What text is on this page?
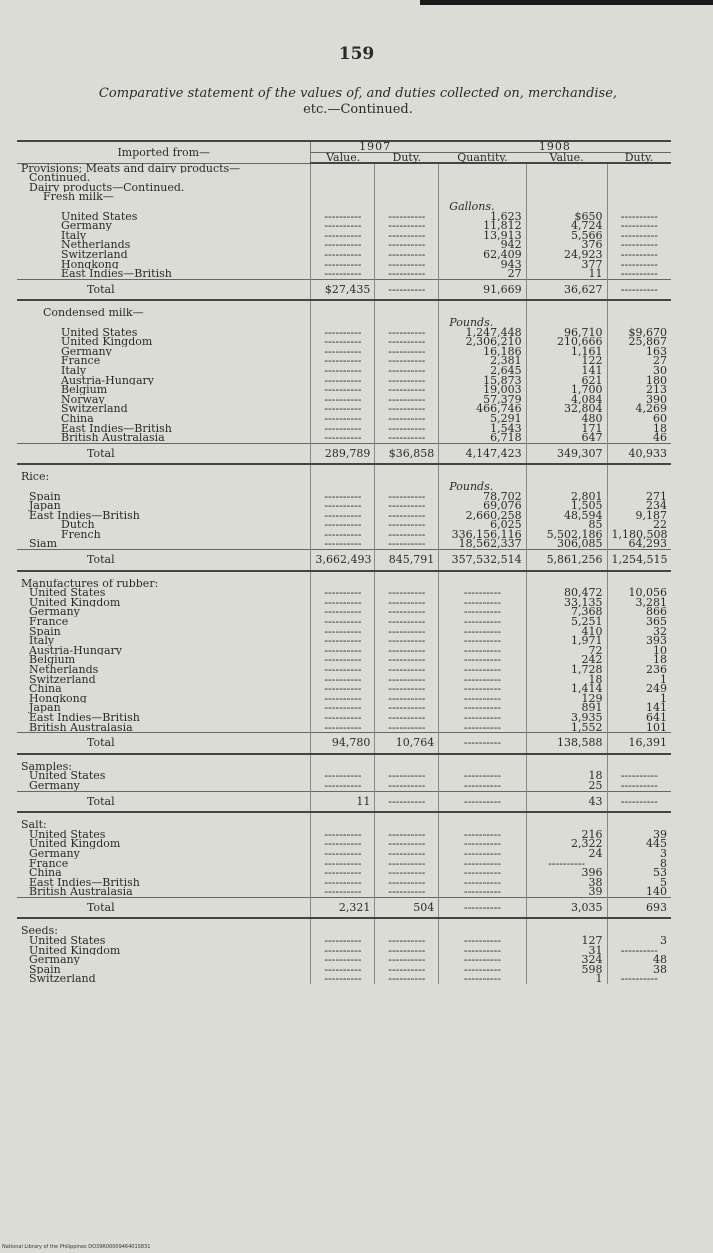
159
Comparative statement of the values of, and duties collected on, merchandise,
etc.—Continued.
Imported from—	1907		1908		
	Value.	Duty.	Quantity.	Value.	Duty.
Provisions; Meats and dairy products—					
Continued.					
Dairy products—Continued.					
Fresh milk—					
			Gallons.		
United States	----------	----------	1,623	$650	----------
Germany	----------	----------	11,812	4,724	----------
Italy	----------	----------	13,913	5,566	----------
Netherlands	----------	----------	942	376	----------
Switzerland	----------	----------	62,409	24,923	----------
Hongkong	----------	----------	943	377	----------
East Indies—British	----------	----------	27	11	----------
Total	$27,435	----------	91,669	36,627	----------

Condensed milk—					
			Pounds.		
United States	----------	----------	1,247,448	96,710	$9,670
United Kingdom	----------	----------	2,306,210	210,666	25,867
Germany	----------	----------	16,186	1,161	163
France	----------	----------	2,381	122	27
Italy	----------	----------	2,645	141	30
Austria-Hungary	----------	----------	15,873	621	180
Belgium	----------	----------	19,003	1,700	213
Norway	----------	----------	57,379	4,084	390
Switzerland	----------	----------	466,746	32,804	4,269
China	----------	----------	5,291	480	60
East Indies—British	----------	----------	1,543	171	18
British Australasia	----------	----------	6,718	647	46
Total	289,789	$36,858	4,147,423	349,307	40,933

Rice:					
			Pounds.		
Spain	----------	----------	78,702	2,801	271
Japan	----------	----------	69,076	1,505	234
East Indies—British	----------	----------	2,660,258	48,594	9,187
Dutch	----------	----------	6,025	85	22
French	----------	----------	336,156,116	5,502,186	1,180,508
Siam	----------	----------	18,562,337	306,085	64,293
Total	3,662,493	845,791	357,532,514	5,861,256	1,254,515

Manufactures of rubber:					
United States	----------	----------	----------	80,472	10,056
United Kingdom	----------	----------	----------	33,135	3,281
Germany	----------	----------	----------	7,368	866
France	----------	----------	----------	5,251	365
Spain	----------	----------	----------	410	32
Italy	----------	----------	----------	1,971	393
Austria-Hungary	----------	----------	----------	72	10
Belgium	----------	----------	----------	242	18
Netherlands	----------	----------	----------	1,728	236
Switzerland	----------	----------	----------	18	1
China	----------	----------	----------	1,414	249
Hongkong	----------	----------	----------	129	1
Japan	----------	----------	----------	891	141
East Indies—British	----------	----------	----------	3,935	641
British Australasia	----------	----------	----------	1,552	101
Total	94,780	10,764	----------	138,588	16,391

Samples:					
United States	----------	----------	----------	18	----------
Germany	----------	----------	----------	25	----------
Total	11	----------	----------	43	----------

Salt:					
United States	----------	----------	----------	216	39
United Kingdom	----------	----------	----------	2,322	445
Germany	----------	----------	----------	24	3
France	----------	----------	----------	----------	8
China	----------	----------	----------	396	53
East Indies—British	----------	----------	----------	38	5
British Australasia	----------	----------	----------	39	140
Total	2,321	504	----------	3,035	693

Seeds:					
United States	----------	----------	----------	127	3
United Kingdom	----------	----------	----------	31	----------
Germany	----------	----------	----------	324	48
Spain	----------	----------	----------	598	38
Switzerland	----------	----------	----------	1	----------
National Library of the Philippines DO39R0000946401S831
